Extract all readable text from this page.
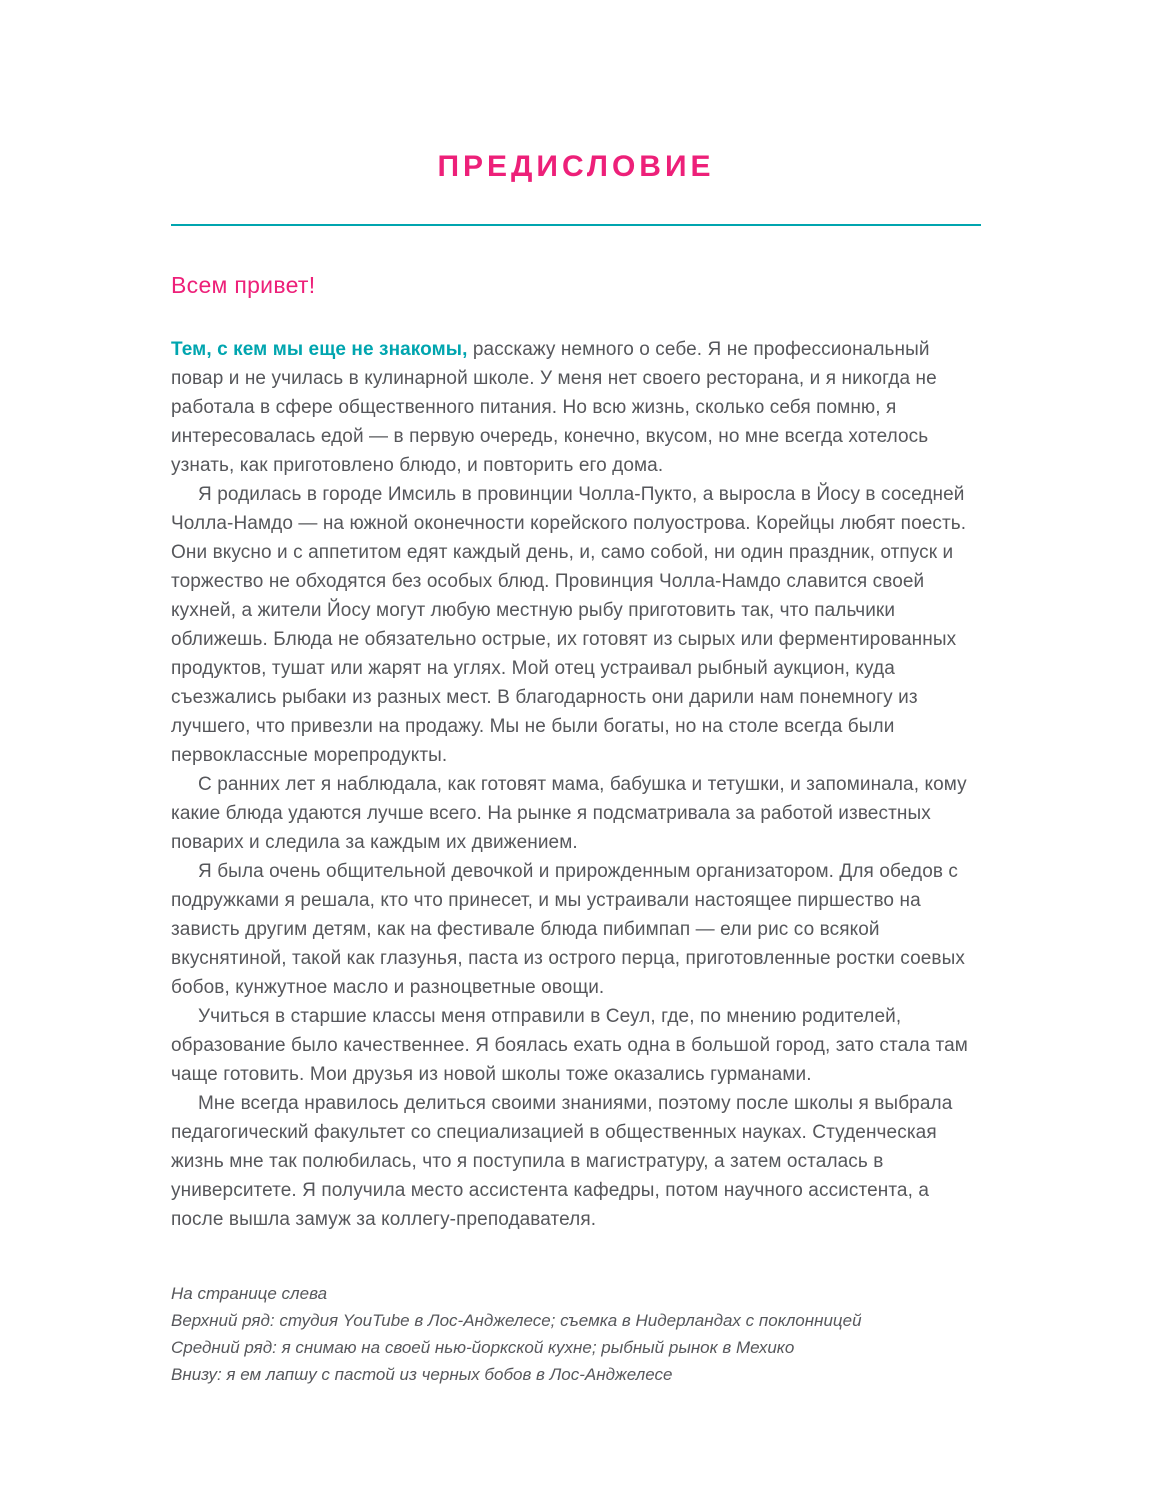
ПРЕДИСЛОВИЕ
Всем привет!

Тем, с кем мы еще не знакомы, расскажу немного о себе. Я не профессиональный повар и не училась в кулинарной школе. У меня нет своего ресторана, и я никогда не работала в сфере общественного питания. Но всю жизнь, сколько себя помню, я интересовалась едой — в первую очередь, конечно, вкусом, но мне всегда хотелось узнать, как приготовлено блюдо, и повторить его дома.

Я родилась в городе Имсиль в провинции Чолла-Пукто, а выросла в Йосу в соседней Чолла-Намдо — на южной оконечности корейского полуострова. Корейцы любят поесть. Они вкусно и с аппетитом едят каждый день, и, само собой, ни один праздник, отпуск и торжество не обходятся без особых блюд. Провинция Чолла-Намдо славится своей кухней, а жители Йосу могут любую местную рыбу приготовить так, что пальчики оближешь. Блюда не обязательно острые, их готовят из сырых или ферментированных продуктов, тушат или жарят на углях. Мой отец устраивал рыбный аукцион, куда съезжались рыбаки из разных мест. В благодарность они дарили нам понемногу из лучшего, что привезли на продажу. Мы не были богаты, но на столе всегда были первоклассные морепродукты.

С ранних лет я наблюдала, как готовят мама, бабушка и тетушки, и запоминала, кому какие блюда удаются лучше всего. На рынке я подсматривала за работой известных поварих и следила за каждым их движением.

Я была очень общительной девочкой и прирожденным организатором. Для обедов с подружками я решала, кто что принесет, и мы устраивали настоящее пиршество на зависть другим детям, как на фестивале блюда пибимпап — ели рис со всякой вкуснятиной, такой как глазунья, паста из острого перца, приготовленные ростки соевых бобов, кунжутное масло и разноцветные овощи.

Учиться в старшие классы меня отправили в Сеул, где, по мнению родителей, образование было качественнее. Я боялась ехать одна в большой город, зато стала там чаще готовить. Мои друзья из новой школы тоже оказались гурманами.

Мне всегда нравилось делиться своими знаниями, поэтому после школы я выбрала педагогический факультет со специализацией в общественных науках. Студенческая жизнь мне так полюбилась, что я поступила в магистратуру, а затем осталась в университете. Я получила место ассистента кафедры, потом научного ассистента, а после вышла замуж за коллегу-преподавателя.

На странице слева

Верхний ряд: студия YouTube в Лос-Анджелесе; съемка в Нидерландах с поклонницей

Средний ряд: я снимаю на своей нью-йоркской кухне; рыбный рынок в Мехико

Внизу: я ем лапшу с пастой из черных бобов в Лос-Анджелесе
